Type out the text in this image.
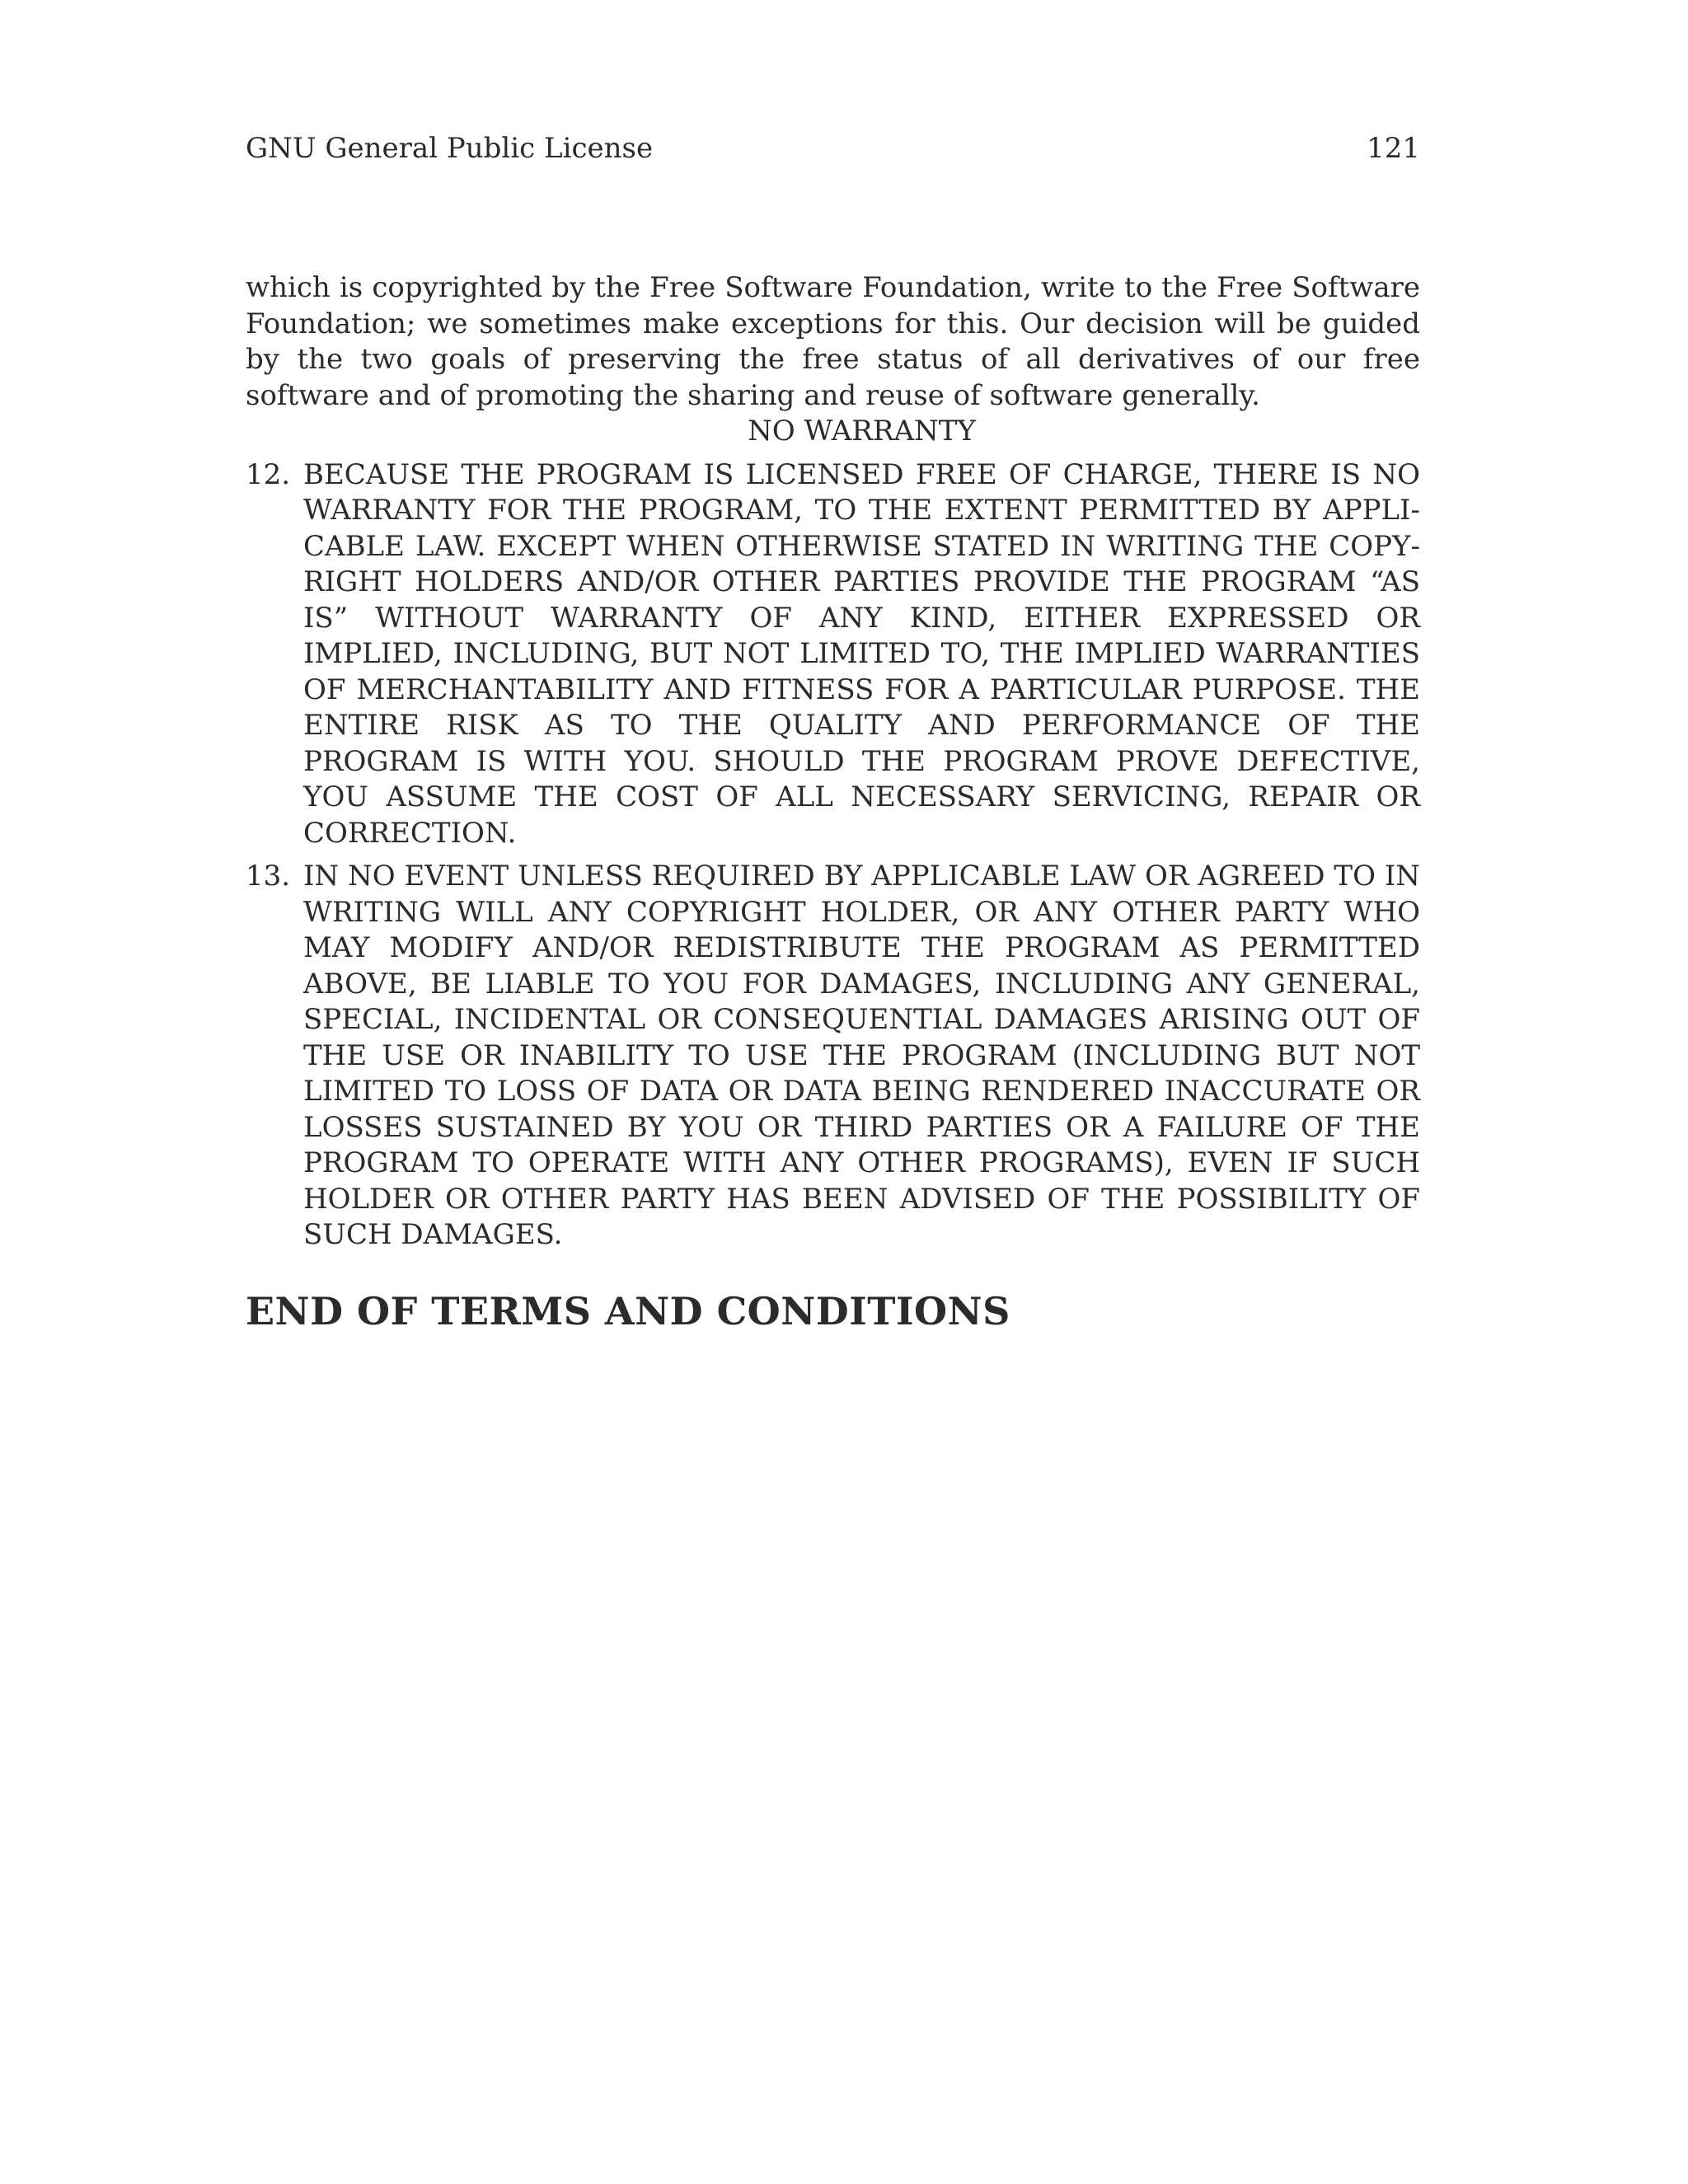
GNU General Public License	121

which is copyrighted by the Free Software Foundation, write to the Free Software Foundation; we sometimes make exceptions for this. Our decision will be guided by the two goals of preserving the free status of all derivatives of our free software and of promoting the sharing and reuse of software generally.

NO WARRANTY
12. BECAUSE THE PROGRAM IS LICENSED FREE OF CHARGE, THERE IS NO WARRANTY FOR THE PROGRAM, TO THE EXTENT PERMITTED BY APPLICABLE LAW. EXCEPT WHEN OTHERWISE STATED IN WRITING THE COPYRIGHT HOLDERS AND/OR OTHER PARTIES PROVIDE THE PROGRAM “AS IS” WITHOUT WARRANTY OF ANY KIND, EITHER EXPRESSED OR IMPLIED, INCLUDING, BUT NOT LIMITED TO, THE IMPLIED WARRANTIES OF MERCHANTABILITY AND FITNESS FOR A PARTICULAR PURPOSE. THE ENTIRE RISK AS TO THE QUALITY AND PERFORMANCE OF THE PROGRAM IS WITH YOU. SHOULD THE PROGRAM PROVE DEFECTIVE, YOU ASSUME THE COST OF ALL NECESSARY SERVICING, REPAIR OR CORRECTION.
13. IN NO EVENT UNLESS REQUIRED BY APPLICABLE LAW OR AGREED TO IN WRITING WILL ANY COPYRIGHT HOLDER, OR ANY OTHER PARTY WHO MAY MODIFY AND/OR REDISTRIBUTE THE PROGRAM AS PERMITTED ABOVE, BE LIABLE TO YOU FOR DAMAGES, INCLUDING ANY GENERAL, SPECIAL, INCIDENTAL OR CONSEQUENTIAL DAMAGES ARISING OUT OF THE USE OR INABILITY TO USE THE PROGRAM (INCLUDING BUT NOT LIMITED TO LOSS OF DATA OR DATA BEING RENDERED INACCURATE OR LOSSES SUSTAINED BY YOU OR THIRD PARTIES OR A FAILURE OF THE PROGRAM TO OPERATE WITH ANY OTHER PROGRAMS), EVEN IF SUCH HOLDER OR OTHER PARTY HAS BEEN ADVISED OF THE POSSIBILITY OF SUCH DAMAGES.
END OF TERMS AND CONDITIONS
